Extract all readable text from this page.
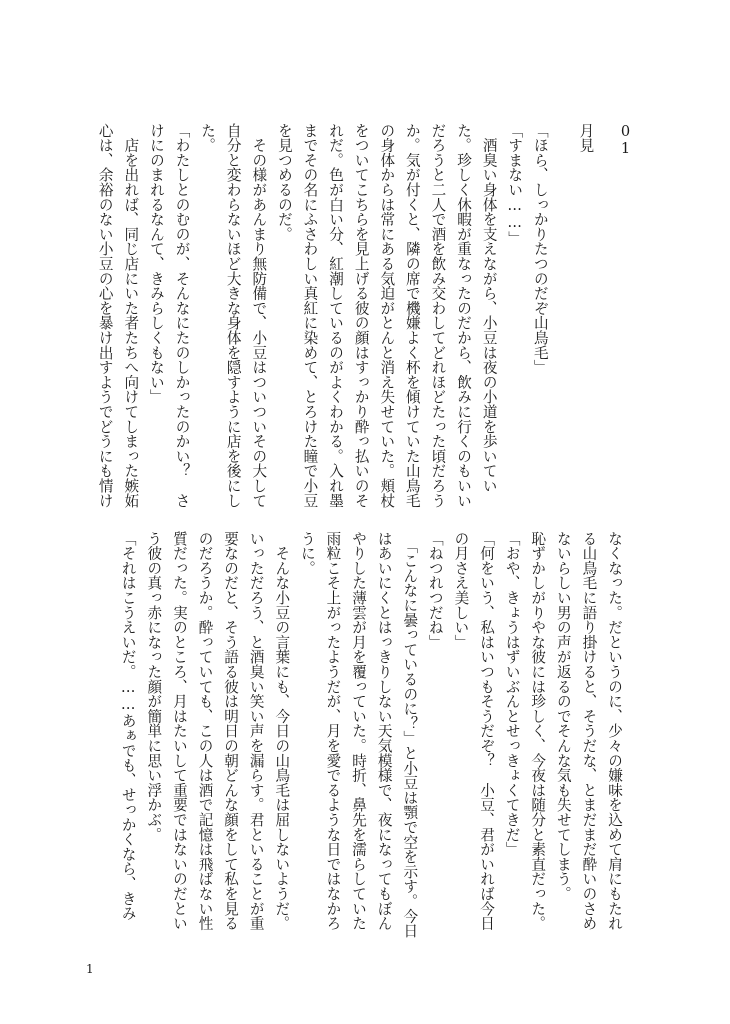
01

月見

「ほら、しっかりたつのだぞ山鳥毛」

「すまない……」

　酒臭い身体を支えながら、小豆は夜の小道を歩いていた。珍しく休暇が重なったのだから、飲みに行くのもいいだろうと二人で酒を飲み交わしてどれほどたった頃だろうか。気が付くと、隣の席で機嫌よく杯を傾けていた山鳥毛の身体からは常にある気迫がとんと消え失せていた。頬杖をついてこちらを見上げる彼の顔はすっかり酔っ払いのそれだ。色が白い分、紅潮しているのがよくわかる。入れ墨までその名にふさわしい真紅に染めて、とろけた瞳で小豆を見つめるのだ。

　その様があんまり無防備で、小豆はついついその大して自分と変わらないほど大きな身体を隠すように店を後にした。

「わたしとのむのが、そんなにたのしかったのかい？　さけにのまれるなんて、きみらしくもない」

　店を出れば、同じ店にいた者たちへ向けてしまった嫉妬心は、余裕のない小豆の心を暴け出すようでどうにも情け

なくなった。だというのに、少々の嫌味を込めて肩にもたれる山鳥毛に語り掛けると、そうだな、とまだまだ酔いのさめないらしい男の声が返るのでそんな気も失せてしまう。

恥ずかしがりやな彼には珍しく、今夜は随分と素直だった。

「おや、きょうはずいぶんとせっきょくてきだ」

「何をいう、私はいつもそうだぞ？　小豆、君がいれば今日の月さえ美しい」

「ねつれつだね」

　「こんなに曇っているのに？」と小豆は顎で空を示す。今日はあいにくとはっきりしない天気模様で、夜になってもぼんやりした薄雲が月を覆っていた。時折、鼻先を濡らしていた雨粒こそ上がったようだが、月を愛でるような日ではなかろうに。

　そんな小豆の言葉にも、今日の山鳥毛は屈しないようだ。

いっただろう、と酒臭い笑い声を漏らす。君といることが重要なのだと、そう語る彼は明日の朝どんな顔をして私を見るのだろうか。酔っていても、この人は酒で記憶は飛ばない性質だった。実のところ、月はたいして重要ではないのだという彼の真っ赤になった顔が簡単に思い浮かぶ。

「それはこうえいだ。……あぁでも、せっかくなら、きみ

1
